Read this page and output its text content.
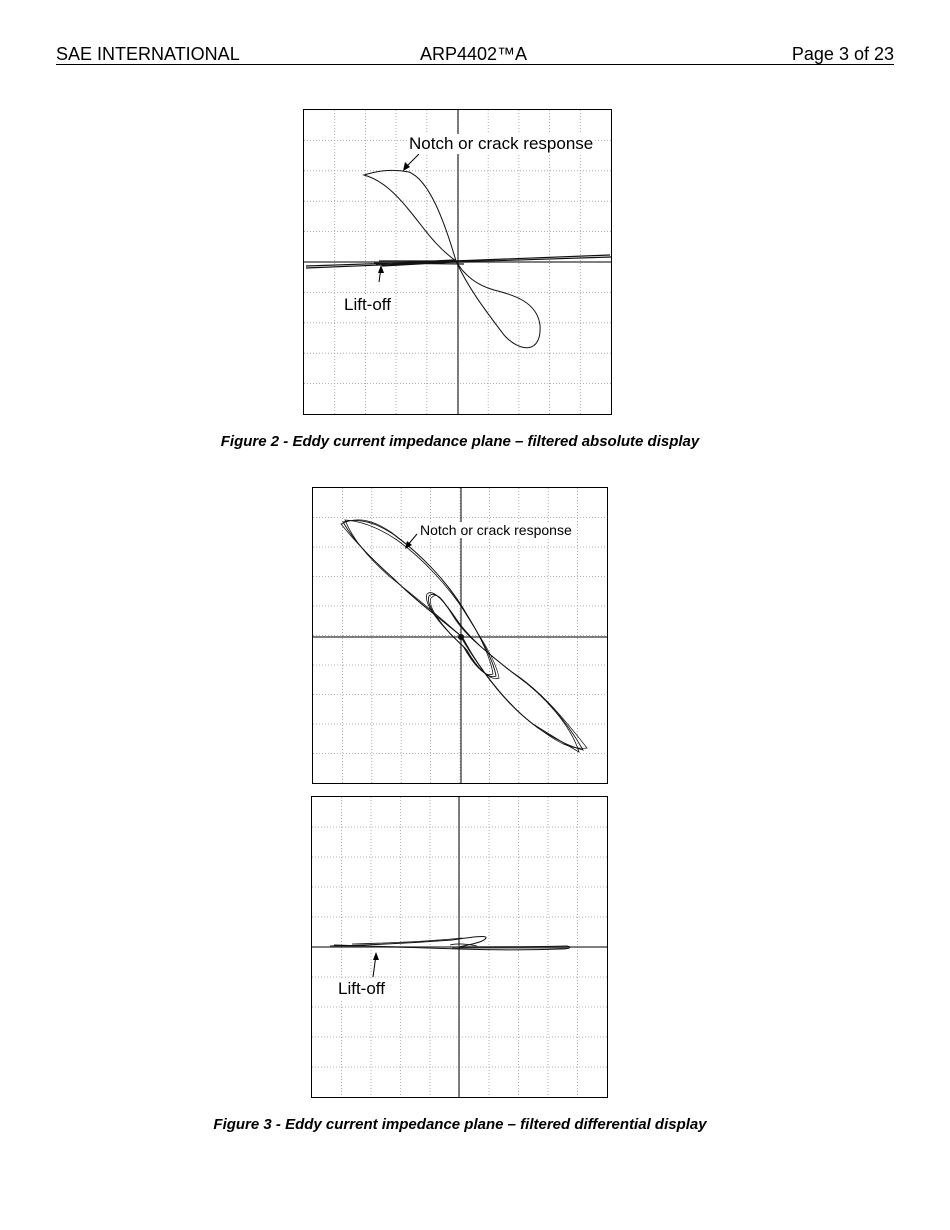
SAE INTERNATIONAL	ARP4402™A	Page 3 of 23
Notch or crack response
Lift-off
Figure 2 - Eddy current impedance plane – filtered absolute display
Notch or crack response
Lift-off
Figure 3 - Eddy current impedance plane – filtered differential display
